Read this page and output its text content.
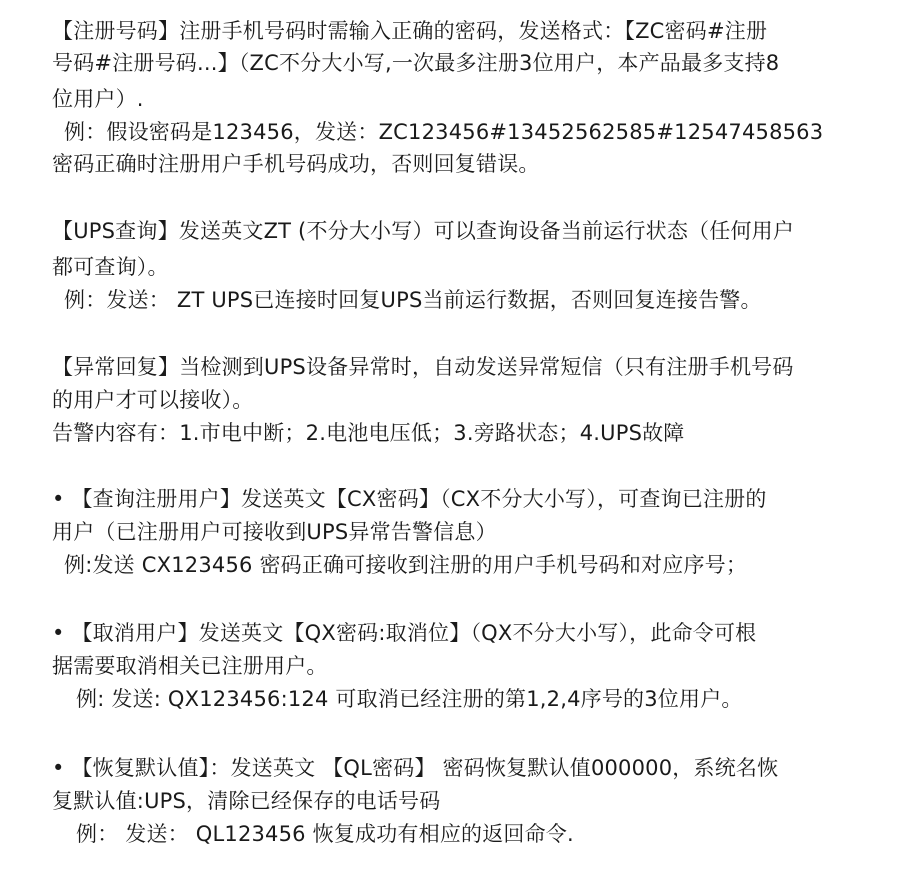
【注册号码】注册手机号码时需输入正确的密码，发送格式：【ZC密码#注册
号码#注册号码...】（ZC不分大小写,一次最多注册3位用户，本产品最多支持8
位用户）.
例：假设密码是123456，发送：ZC123456#13452562585#12547458563
密码正确时注册用户手机号码成功，否则回复错误。
【UPS查询】发送英文ZT (不分大小写）可以查询设备当前运行状态（任何用户
都可查询）。
例：发送： ZT UPS已连接时回复UPS当前运行数据，否则回复连接告警。
【异常回复】当检测到UPS设备异常时，自动发送异常短信（只有注册手机号码
的用户才可以接收）。
告警内容有：1.市电中断；2.电池电压低；3.旁路状态；4.UPS故障
• 【查询注册用户】发送英文【CX密码】（CX不分大小写），可查询已注册的
用户（已注册用户可接收到UPS异常告警信息）
例:发送 CX123456 密码正确可接收到注册的用户手机号码和对应序号；
• 【取消用户】发送英文【QX密码:取消位】（QX不分大小写），此命令可根
据需要取消相关已注册用户。
例: 发送: QX123456:124 可取消已经注册的第1,2,4序号的3位用户。
• 【恢复默认值】：发送英文 【QL密码】 密码恢复默认值000000，系统名恢
复默认值:UPS，清除已经保存的电话号码
例： 发送： QL123456 恢复成功有相应的返回命令.
